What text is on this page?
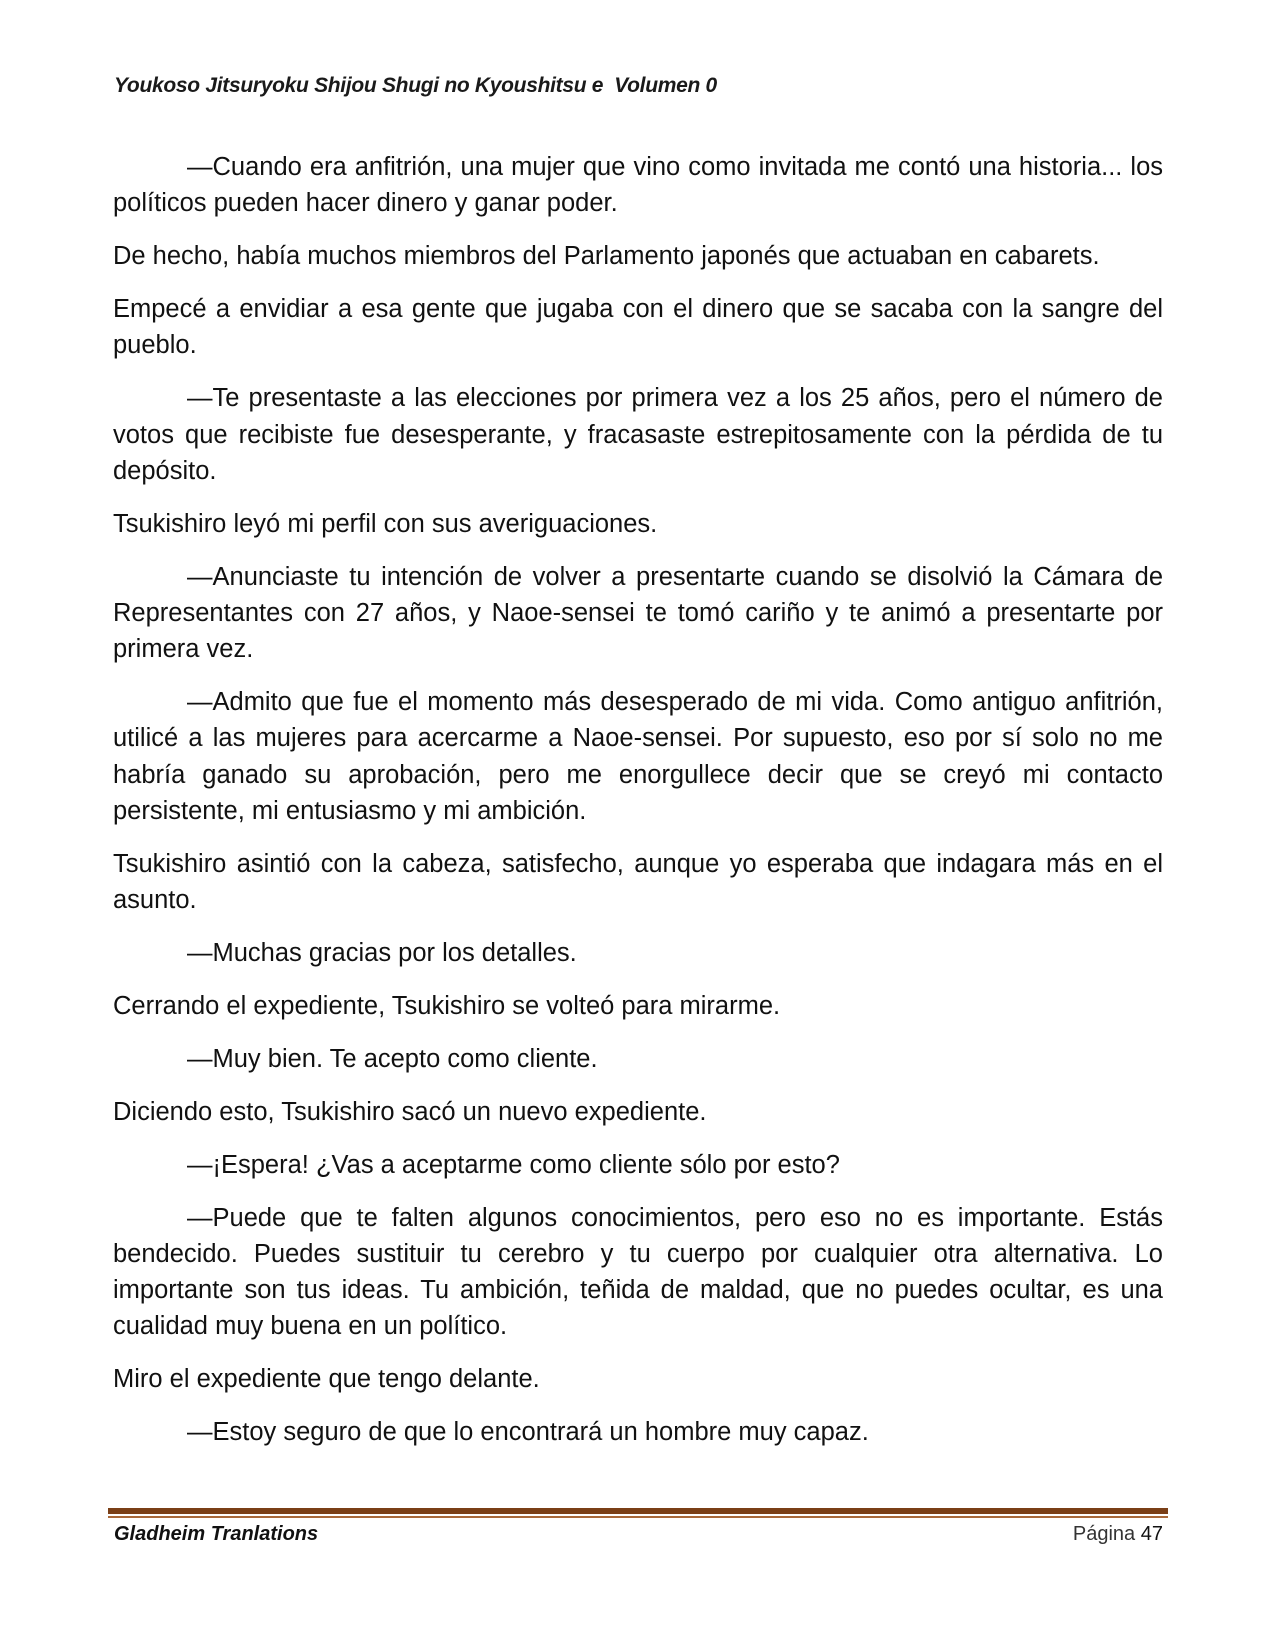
Youkoso Jitsuryoku Shijou Shugi no Kyoushitsu e  Volumen 0

—Cuando era anfitrión, una mujer que vino como invitada me contó una historia... los políticos pueden hacer dinero y ganar poder.

De hecho, había muchos miembros del Parlamento japonés que actuaban en cabarets.

Empecé a envidiar a esa gente que jugaba con el dinero que se sacaba con la sangre del pueblo.

—Te presentaste a las elecciones por primera vez a los 25 años, pero el número de votos que recibiste fue desesperante, y fracasaste estrepitosamente con la pérdida de tu depósito.

Tsukishiro leyó mi perfil con sus averiguaciones.

—Anunciaste tu intención de volver a presentarte cuando se disolvió la Cámara de Representantes con 27 años, y Naoe-sensei te tomó cariño y te animó a presentarte por primera vez.

—Admito que fue el momento más desesperado de mi vida. Como antiguo anfitrión, utilicé a las mujeres para acercarme a Naoe-sensei. Por supuesto, eso por sí solo no me habría ganado su aprobación, pero me enorgullece decir que se creyó mi contacto persistente, mi entusiasmo y mi ambición.

Tsukishiro asintió con la cabeza, satisfecho, aunque yo esperaba que indagara más en el asunto.

—Muchas gracias por los detalles.

Cerrando el expediente, Tsukishiro se volteó para mirarme.

—Muy bien. Te acepto como cliente.

Diciendo esto, Tsukishiro sacó un nuevo expediente.

—¡Espera! ¿Vas a aceptarme como cliente sólo por esto?

—Puede que te falten algunos conocimientos, pero eso no es importante. Estás bendecido. Puedes sustituir tu cerebro y tu cuerpo por cualquier otra alternativa. Lo importante son tus ideas. Tu ambición, teñida de maldad, que no puedes ocultar, es una cualidad muy buena en un político.

Miro el expediente que tengo delante.

—Estoy seguro de que lo encontrará un hombre muy capaz.

Gladheim Tranlations	Página 47
